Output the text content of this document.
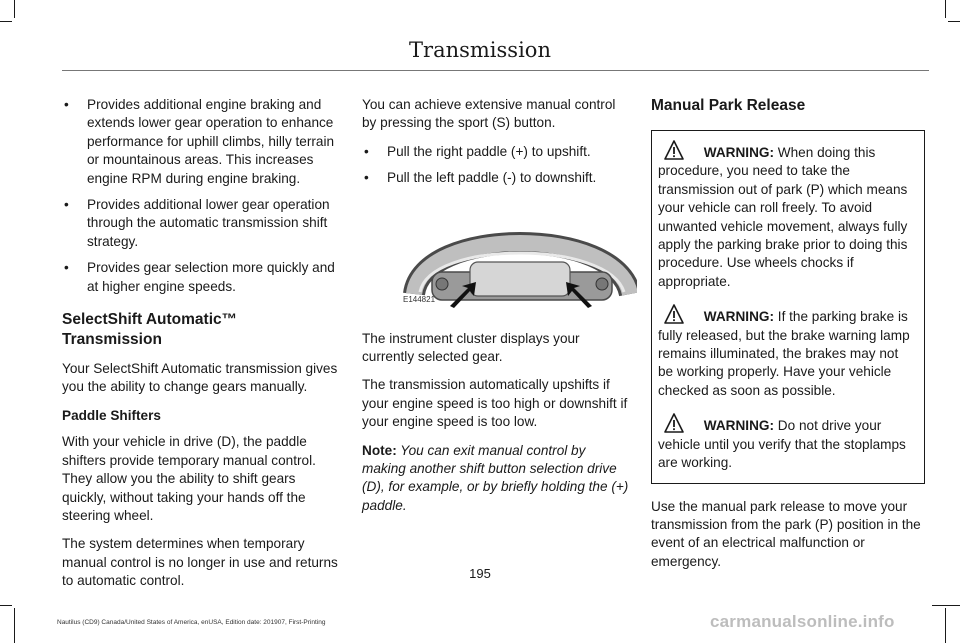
Transmission
• Provides additional engine braking and extends lower gear operation to enhance performance for uphill climbs, hilly terrain or mountainous areas. This increases engine RPM during engine braking.
• Provides additional lower gear operation through the automatic transmission shift strategy.
• Provides gear selection more quickly and at higher engine speeds.
SelectShift Automatic™ Transmission

Your SelectShift Automatic transmission gives you the ability to change gears manually.

Paddle Shifters

With your vehicle in drive (D), the paddle shifters provide temporary manual control. They allow you the ability to shift gears quickly, without taking your hands off the steering wheel.

The system determines when temporary manual control is no longer in use and returns to automatic control.

You can achieve extensive manual control by pressing the sport (S) button.

• Pull the right paddle (+) to upshift.
• Pull the left paddle (-) to downshift.
E144821

The instrument cluster displays your currently selected gear.

The transmission automatically upshifts if your engine speed is too high or downshift if your engine speed is too low.

Note: You can exit manual control by making another shift button selection drive (D), for example, or by briefly holding the (+) paddle.

Manual Park Release
WARNING: When doing this procedure, you need to take the transmission out of park (P) which means your vehicle can roll freely. To avoid unwanted vehicle movement, always fully apply the parking brake prior to doing this procedure. Use wheels chocks if appropriate.
WARNING: If the parking brake is fully released, but the brake warning lamp remains illuminated, the brakes may not be working properly. Have your vehicle checked as soon as possible.
WARNING: Do not drive your vehicle until you verify that the stoplamps are working.

Use the manual park release to move your transmission from the park (P) position in the event of an electrical malfunction or emergency.

195
Nautilus (CD9) Canada/United States of America, enUSA, Edition date: 201907, First-Printing	carmanualsonline.info
